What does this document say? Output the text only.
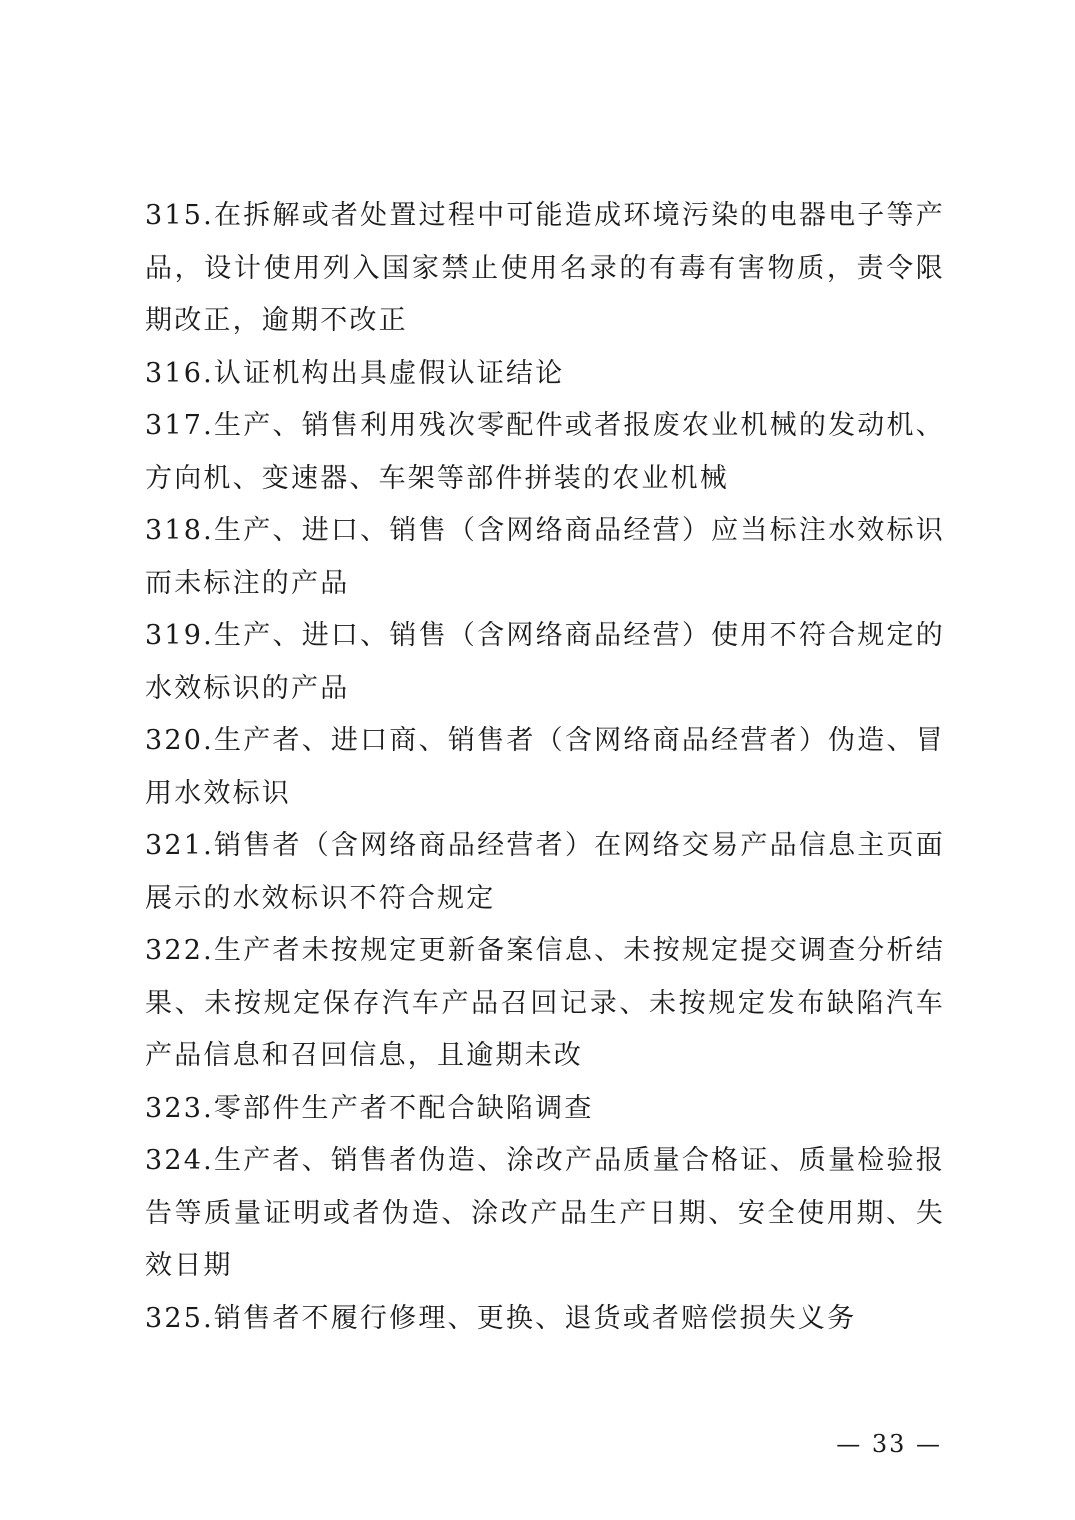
315.在拆解或者处置过程中可能造成环境污染的电器电子等产品，设计使用列入国家禁止使用名录的有毒有害物质，责令限期改正，逾期不改正
316.认证机构出具虚假认证结论
317.生产、销售利用残次零配件或者报废农业机械的发动机、方向机、变速器、车架等部件拼装的农业机械
318.生产、进口、销售（含网络商品经营）应当标注水效标识而未标注的产品
319.生产、进口、销售（含网络商品经营）使用不符合规定的水效标识的产品
320.生产者、进口商、销售者（含网络商品经营者）伪造、冒用水效标识
321.销售者（含网络商品经营者）在网络交易产品信息主页面展示的水效标识不符合规定
322.生产者未按规定更新备案信息、未按规定提交调查分析结果、未按规定保存汽车产品召回记录、未按规定发布缺陷汽车产品信息和召回信息，且逾期未改
323.零部件生产者不配合缺陷调查
324.生产者、销售者伪造、涂改产品质量合格证、质量检验报告等质量证明或者伪造、涂改产品生产日期、安全使用期、失效日期
325.销售者不履行修理、更换、退货或者赔偿损失义务
— 33 —
